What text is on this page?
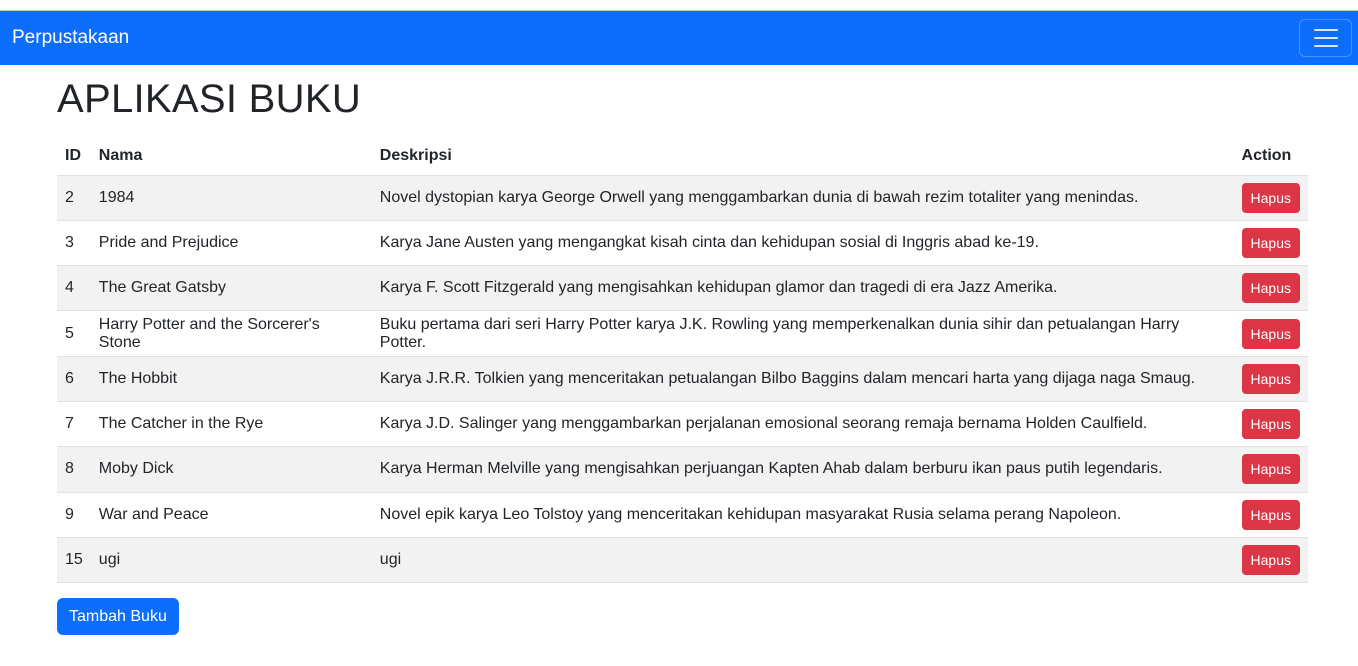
Perpustakaan
APLIKASI BUKU
ID	Nama	Deskripsi	Action
2	1984	Novel dystopian karya George Orwell yang menggambarkan dunia di bawah rezim totaliter yang menindas.	Hapus
3	Pride and Prejudice	Karya Jane Austen yang mengangkat kisah cinta dan kehidupan sosial di Inggris abad ke-19.	Hapus
4	The Great Gatsby	Karya F. Scott Fitzgerald yang mengisahkan kehidupan glamor dan tragedi di era Jazz Amerika.	Hapus
5	Harry Potter and the Sorcerer's Stone	Buku pertama dari seri Harry Potter karya J.K. Rowling yang memperkenalkan dunia sihir dan petualangan Harry Potter.	Hapus
6	The Hobbit	Karya J.R.R. Tolkien yang menceritakan petualangan Bilbo Baggins dalam mencari harta yang dijaga naga Smaug.	Hapus
7	The Catcher in the Rye	Karya J.D. Salinger yang menggambarkan perjalanan emosional seorang remaja bernama Holden Caulfield.	Hapus
8	Moby Dick	Karya Herman Melville yang mengisahkan perjuangan Kapten Ahab dalam berburu ikan paus putih legendaris.	Hapus
9	War and Peace	Novel epik karya Leo Tolstoy yang menceritakan kehidupan masyarakat Rusia selama perang Napoleon.	Hapus
15	ugi	ugi	Hapus
Tambah Buku
